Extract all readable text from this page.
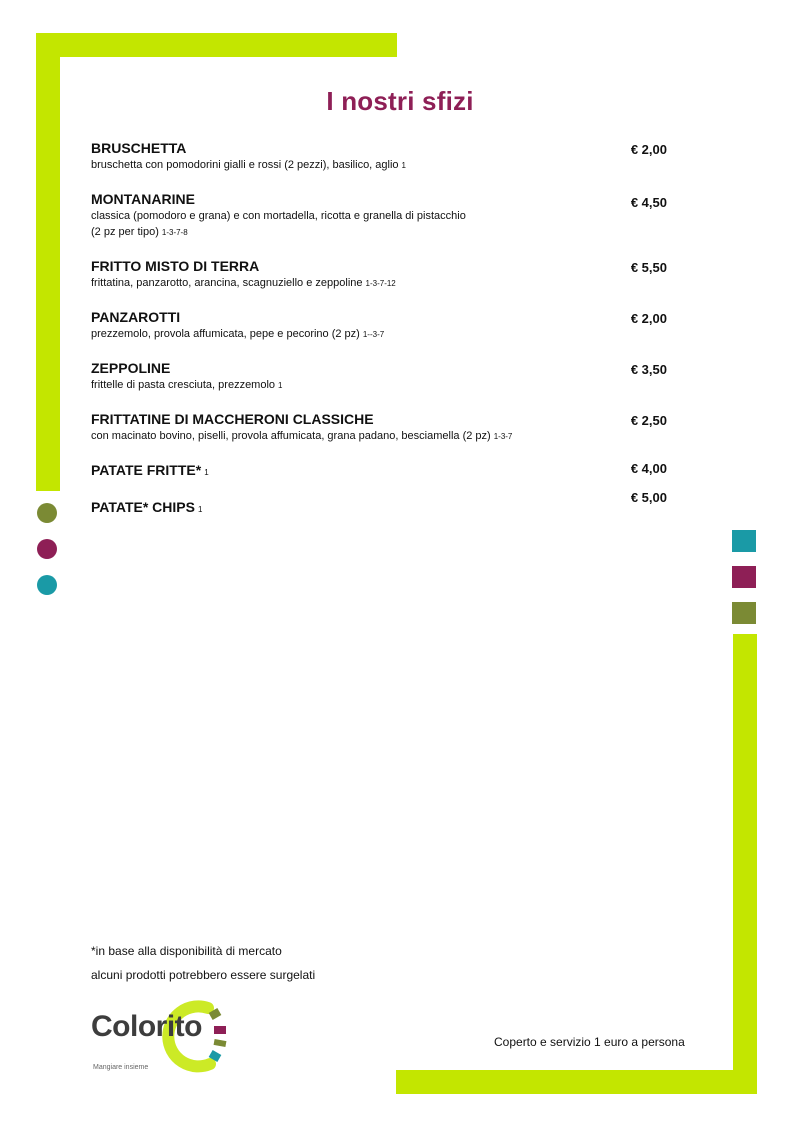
I nostri sfizi
BRUSCHETTA
bruschetta con pomodorini gialli e rossi (2 pezzi), basilico, aglio 1
€ 2,00
MONTANARINE
classica (pomodoro e grana) e con mortadella, ricotta e granella di pistacchio
(2 pz per tipo) 1-3-7-8
€ 4,50
FRITTO MISTO DI TERRA
frittatina, panzarotto, arancina, scagnuziello e zeppoline 1-3-7-12
€ 5,50
PANZAROTTI
prezzemolo, provola affumicata, pepe e pecorino (2 pz) 1--3-7
€ 2,00
ZEPPOLINE
frittelle di pasta cresciuta, prezzemolo 1
€ 3,50
FRITTATINE DI MACCHERONI CLASSICHE
con macinato bovino, piselli, provola affumicata, grana padano, besciamella (2 pz) 1-3-7
€ 2,50
PATATE FRITTE* 1	€ 4,00
PATATE* CHIPS 1
€ 5,00
*in base alla disponibilità di mercato
alcuni prodotti potrebbero essere surgelati
Colorito
Mangiare insieme
Coperto e servizio 1 euro a persona
